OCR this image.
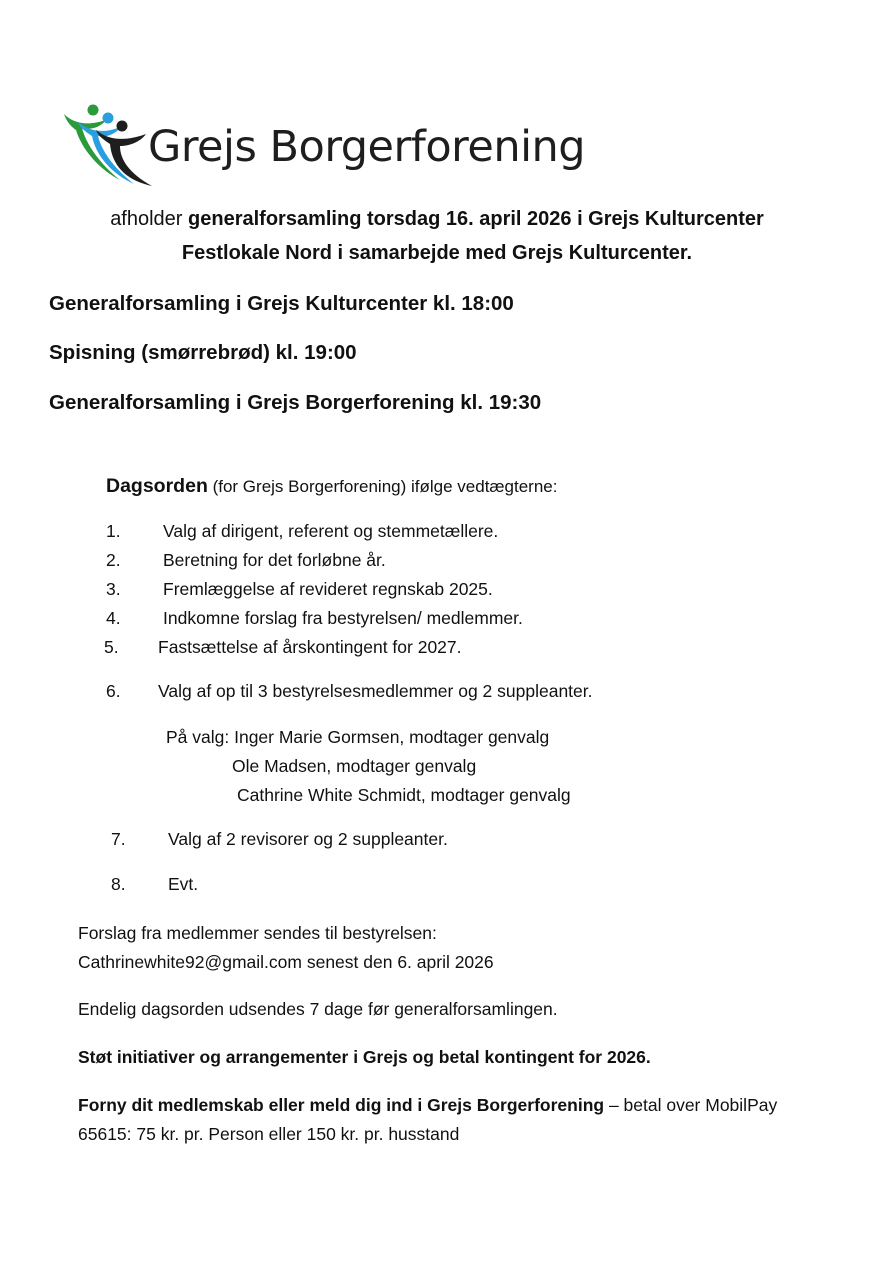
Grejs Borgerforening
afholder generalforsamling torsdag 16. april 2026 i Grejs Kulturcenter
Festlokale Nord i samarbejde med Grejs Kulturcenter.
Generalforsamling i Grejs Kulturcenter kl. 18:00
Spisning (smørrebrød) kl. 19:00
Generalforsamling i Grejs Borgerforening kl. 19:30
Dagsorden (for Grejs Borgerforening) ifølge vedtægterne:
1. Valg af dirigent, referent og stemmetællere.
2. Beretning for det forløbne år.
3. Fremlæggelse af revideret regnskab 2025.
4. Indkomne forslag fra bestyrelsen/ medlemmer.
5. Fastsættelse af årskontingent for 2027.
6. Valg af op til 3 bestyrelsesmedlemmer og 2 suppleanter.
På valg: Inger Marie Gormsen, modtager genvalg
Ole Madsen, modtager genvalg
Cathrine White Schmidt, modtager genvalg
7. Valg af 2 revisorer og 2 suppleanter.
8. Evt.
Forslag fra medlemmer sendes til bestyrelsen:
Cathrinewhite92@gmail.com senest den 6. april 2026
Endelig dagsorden udsendes 7 dage før generalforsamlingen.
Støt initiativer og arrangementer i Grejs og betal kontingent for 2026.
Forny dit medlemskab eller meld dig ind i Grejs Borgerforening – betal over MobilPay
65615: 75 kr. pr. Person eller 150 kr. pr. husstand
